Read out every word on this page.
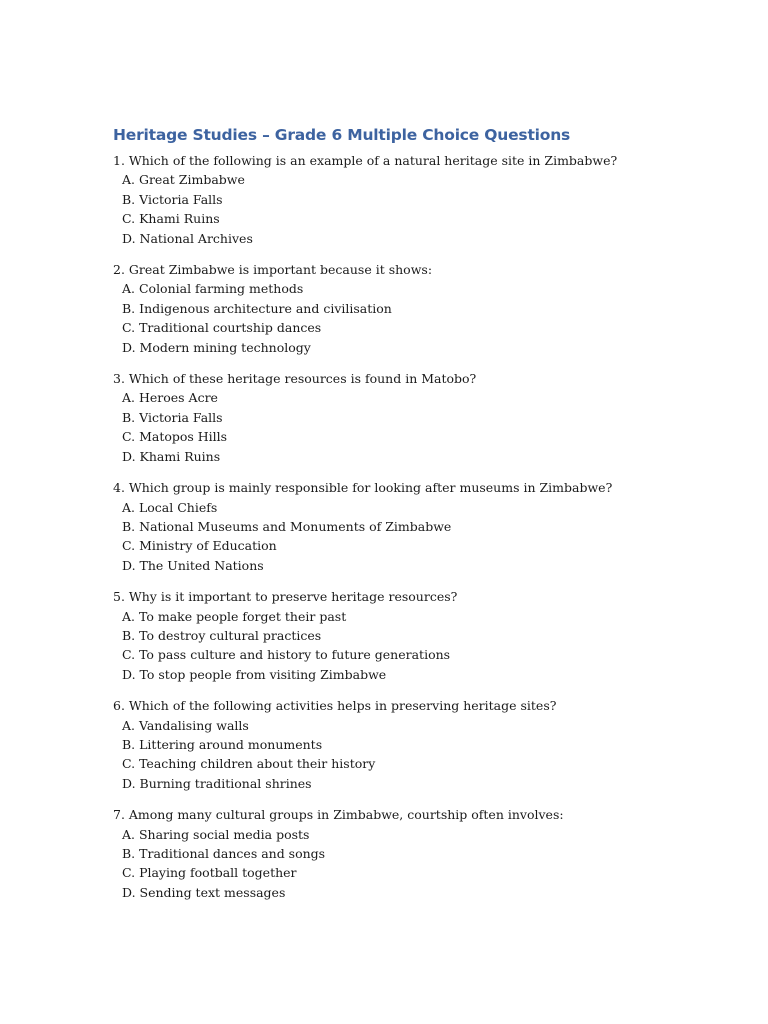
Heritage Studies – Grade 6 Multiple Choice Questions
1. Which of the following is an example of a natural heritage site in Zimbabwe?
A. Great Zimbabwe
B. Victoria Falls
C. Khami Ruins
D. National Archives
2. Great Zimbabwe is important because it shows:
A. Colonial farming methods
B. Indigenous architecture and civilisation
C. Traditional courtship dances
D. Modern mining technology
3. Which of these heritage resources is found in Matobo?
A. Heroes Acre
B. Victoria Falls
C. Matopos Hills
D. Khami Ruins
4. Which group is mainly responsible for looking after museums in Zimbabwe?
A. Local Chiefs
B. National Museums and Monuments of Zimbabwe
C. Ministry of Education
D. The United Nations
5. Why is it important to preserve heritage resources?
A. To make people forget their past
B. To destroy cultural practices
C. To pass culture and history to future generations
D. To stop people from visiting Zimbabwe
6. Which of the following activities helps in preserving heritage sites?
A. Vandalising walls
B. Littering around monuments
C. Teaching children about their history
D. Burning traditional shrines
7. Among many cultural groups in Zimbabwe, courtship often involves:
A. Sharing social media posts
B. Traditional dances and songs
C. Playing football together
D. Sending text messages
